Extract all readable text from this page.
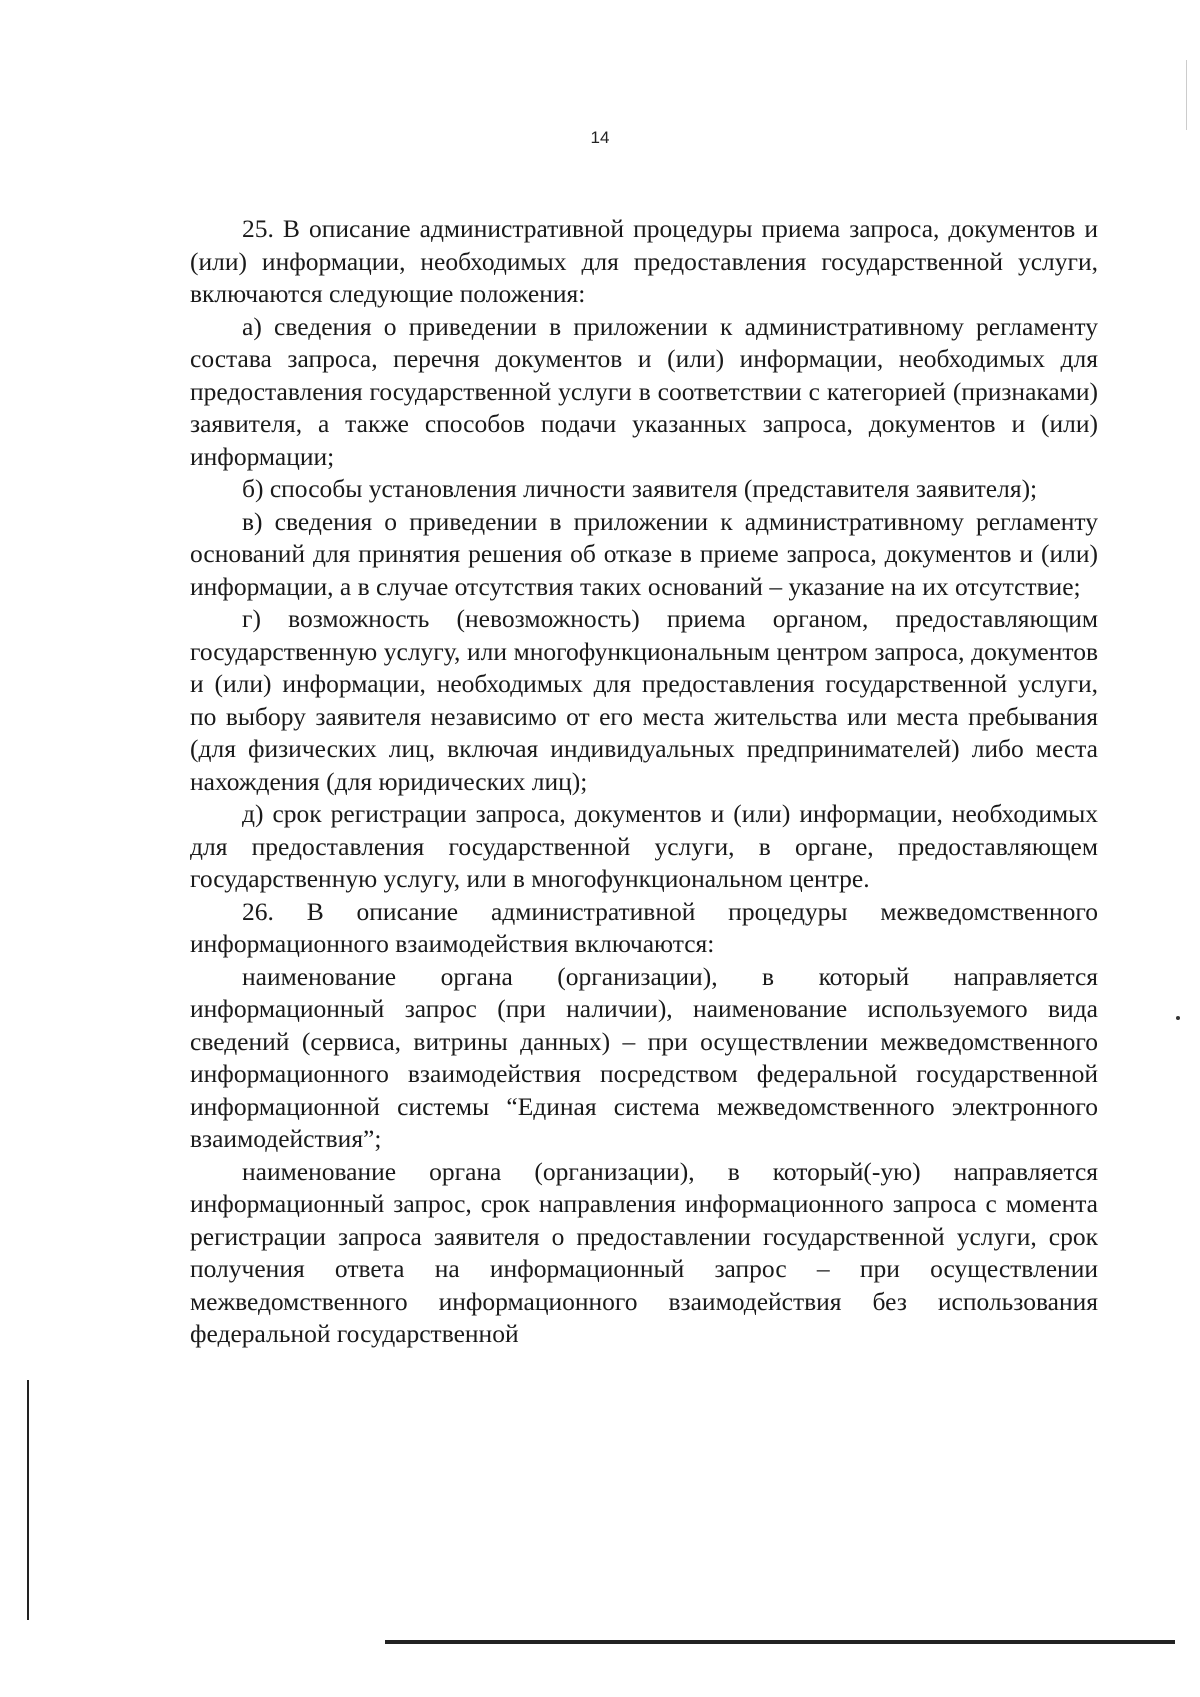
14

25. В описание административной процедуры приема запроса, документов и (или) информации, необходимых для предоставления государственной услуги, включаются следующие положения:

а) сведения о приведении в приложении к административному регламенту состава запроса, перечня документов и (или) информации, необходимых для предоставления государственной услуги в соответствии с категорией (признаками) заявителя, а также способов подачи указанных запроса, документов и (или) информации;

б) способы установления личности заявителя (представителя заявителя);

в) сведения о приведении в приложении к административному регламенту оснований для принятия решения об отказе в приеме запроса, документов и (или) информации, а в случае отсутствия таких оснований – указание на их отсутствие;

г) возможность (невозможность) приема органом, предоставляющим государственную услугу, или многофункциональным центром запроса, документов и (или) информации, необходимых для предоставления государственной услуги, по выбору заявителя независимо от его места жительства или места пребывания (для физических лиц, включая индивидуальных предпринимателей) либо места нахождения (для юридических лиц);

д) срок регистрации запроса, документов и (или) информации, необходимых для предоставления государственной услуги, в органе, предоставляющем государственную услугу, или в многофункциональном центре.

26. В описание административной процедуры межведомственного информационного взаимодействия включаются:

наименование органа (организации), в который направляется информационный запрос (при наличии), наименование используемого вида сведений (сервиса, витрины данных) – при осуществлении межведомственного информационного взаимодействия посредством федеральной государственной информационной системы “Единая система межведомственного электронного взаимодействия”;

наименование органа (организации), в который(-ую) направляется информационный запрос, срок направления информационного запроса с момента регистрации запроса заявителя о предоставлении государственной услуги, срок получения ответа на информационный запрос – при осуществлении межведомственного информационного взаимодействия без использования федеральной государственной
